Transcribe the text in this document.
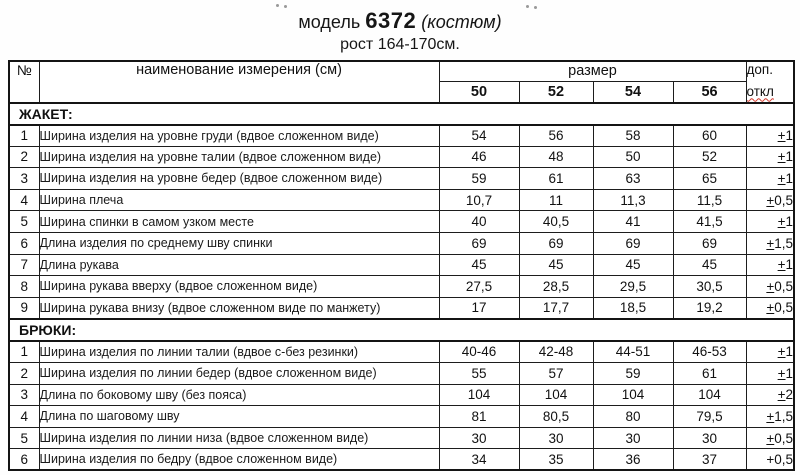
модель 6372 (костюм)
рост 164-170см.
№	наименование измерения (см)	размер				доп.
откл

		50	52	54	56	
ЖАКЕТ:						
1	Ширина изделия на уровне груди (вдвое сложенном виде)	54	56	58	60	+1
2	Ширина изделия на уровне талии (вдвое сложенном виде)	46	48	50	52	+1
3	Ширина изделия на уровне бедер (вдвое сложенном виде)	59	61	63	65	+1
4	Ширина плеча	10,7	11	11,3	11,5	+0,5
5	Ширина спинки в самом узком месте	40	40,5	41	41,5	+1
6	Длина изделия по среднему шву спинки	69	69	69	69	+1,5
7	Длина рукава	45	45	45	45	+1
8	Ширина рукава вверху (вдвое сложенном виде)	27,5	28,5	29,5	30,5	+0,5
9	Ширина рукава внизу (вдвое сложенном виде по манжету)	17	17,7	18,5	19,2	+0,5
БРЮКИ:						
1	Ширина изделия по линии талии (вдвое с-без резинки)	40-46	42-48	44-51	46-53	+1
2	Ширина изделия по линии бедер (вдвое сложенном виде)	55	57	59	61	+1
3	Длина по боковому шву (без пояса)	104	104	104	104	+2
4	Длина по шаговому шву	81	80,5	80	79,5	+1,5
5	Ширина изделия по линии низа (вдвое сложенном виде)	30	30	30	30	+0,5
6	Ширина изделия по бедру (вдвое сложенном виде)	34	35	36	37	+0,5
